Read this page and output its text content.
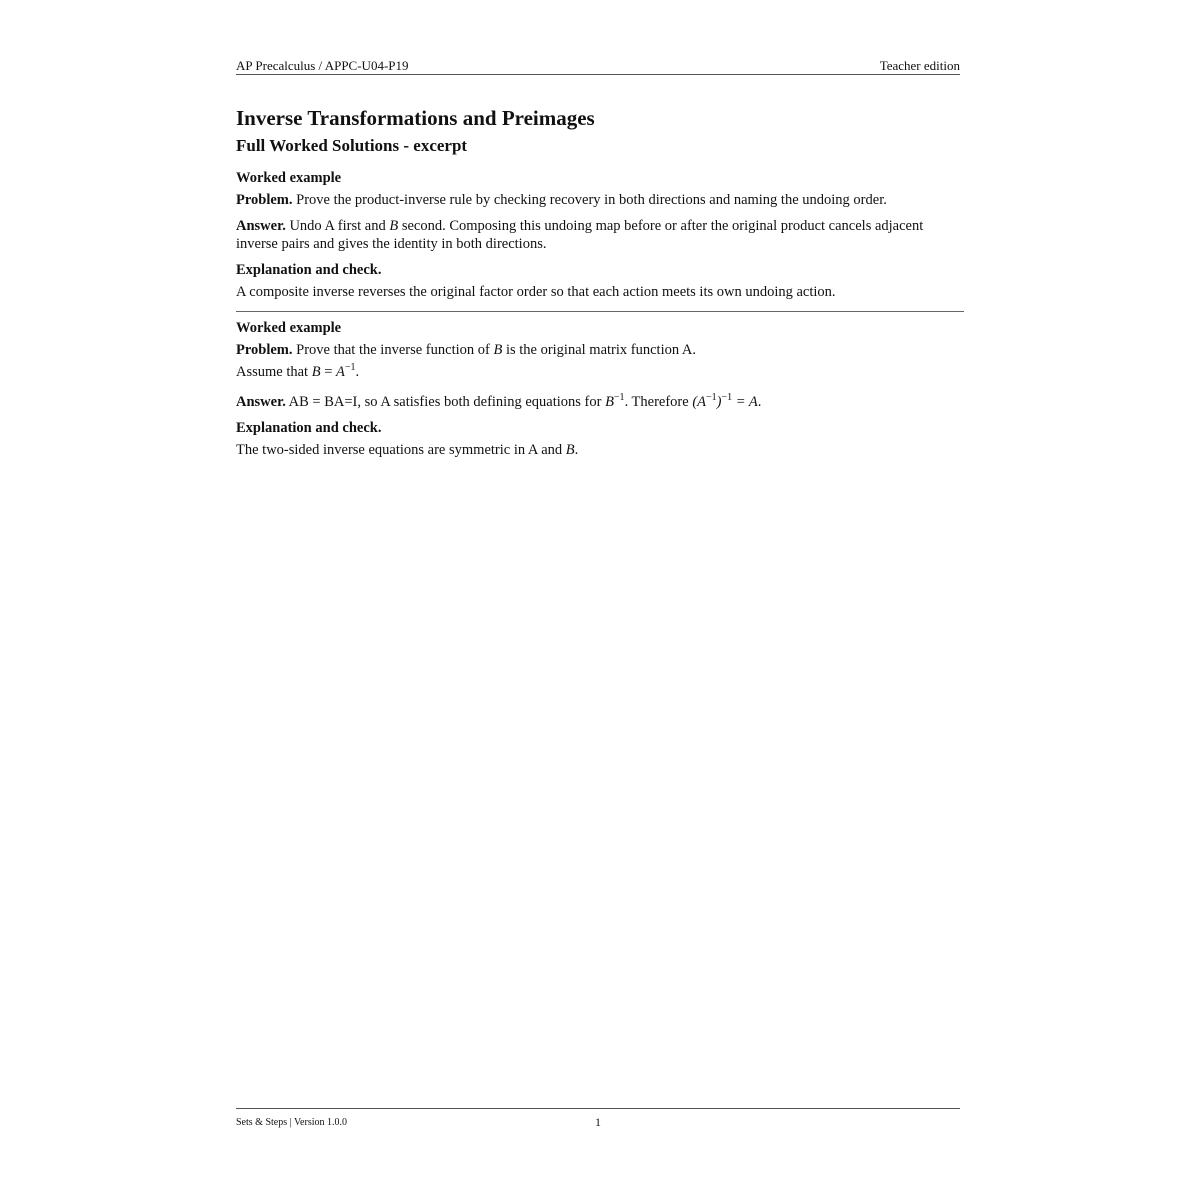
AP Precalculus / APPC-U04-P19	Teacher edition
Inverse Transformations and Preimages
Full Worked Solutions - excerpt
Worked example

Problem. Prove the product-inverse rule by checking recovery in both directions and naming the undoing order.

Answer. Undo A first and B second. Composing this undoing map before or after the original product cancels adjacent inverse pairs and gives the identity in both directions.

Explanation and check.

A composite inverse reverses the original factor order so that each action meets its own undoing action.

Worked example

Problem. Prove that the inverse function of B is the original matrix function A.

Assume that $B = A^{-1}$.

Answer. AB = BA=I, so A satisfies both defining equations for $B^{-1}$. Therefore $(A^{-1})^{-1} = A$.

Explanation and check.

The two-sided inverse equations are symmetric in A and B.

Sets & Steps | Version 1.0.0	1
